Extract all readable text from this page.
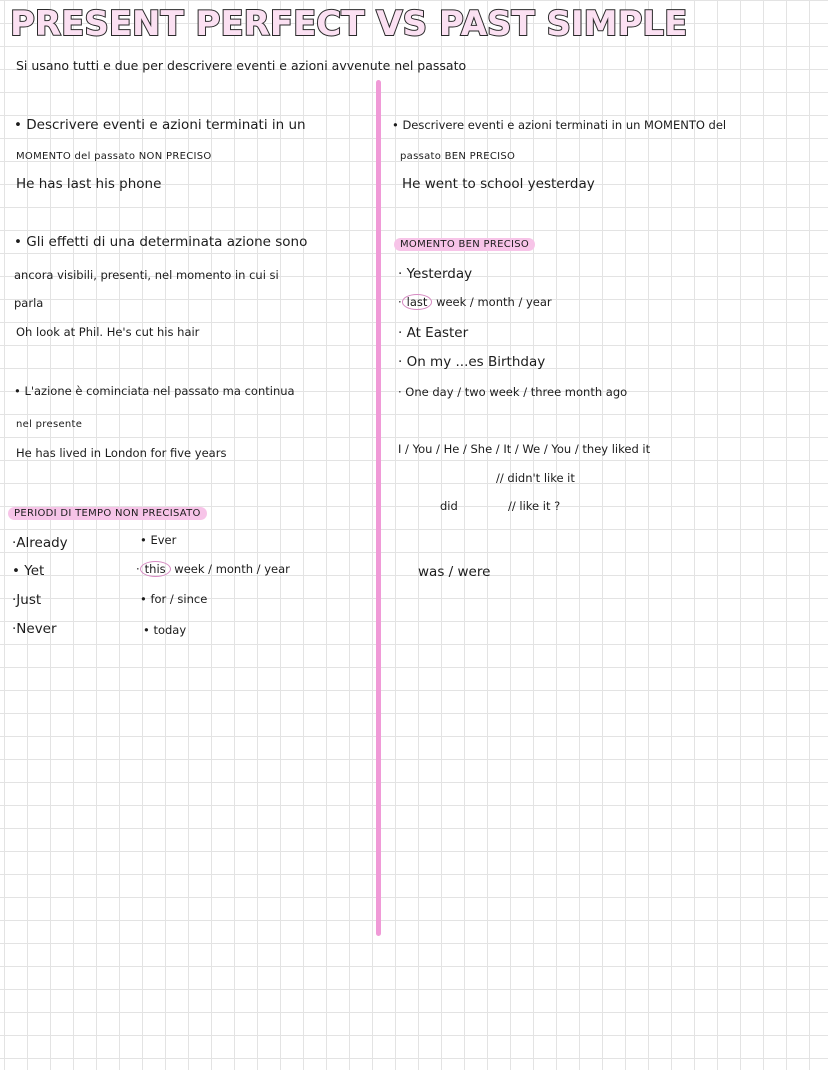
PRESENT PERFECT VS PAST SIMPLE
Si usano tutti e due per descrivere eventi e azioni avvenute nel passato
• Descrivere eventi e azioni terminati in un
MOMENTO del passato NON PRECISO
He has last his phone
• Gli effetti di una determinata azione sono
ancora visibili, presenti, nel momento in cui si
parla
Oh look at Phil. He's cut his hair
• L'azione è cominciata nel passato ma continua
nel presente
He has lived in London for five years
PERIODI DI TEMPO NON PRECISATO
·Already
• Yet
·Just
·Never
• Ever
· this week / month / year
• for / since
• today
• Descrivere eventi e azioni terminati in un MOMENTO del
passato BEN PRECISO
He went to school yesterday
MOMENTO BEN PRECISO
· Yesterday
· last week / month / year
· At Easter
· On my ...es Birthday
· One day / two week / three month ago
I / You / He / She / It / We / You / they liked it
// didn't like it
did	// like it ?
was / were
